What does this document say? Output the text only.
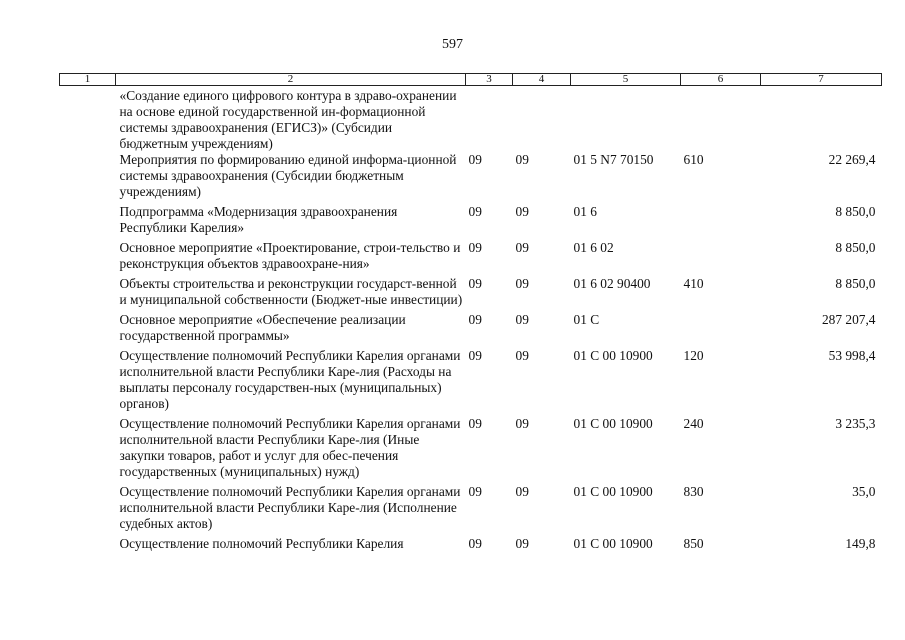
597
1	2	3	4	5	6	7
	«Создание единого цифрового контура в здраво-охранении на основе единой государственной ин-формационной системы здравоохранения (ЕГИСЗ)» (Субсидии бюджетным учреждениям)					
	Мероприятия по формированию единой информа-ционной системы здравоохранения (Субсидии бюджетным учреждениям)	09	09	01 5 N7 70150	610	22 269,4
	Подпрограмма «Модернизация здравоохранения Республики Карелия»	09	09	01 6		8 850,0
	Основное мероприятие «Проектирование, строи-тельство и реконструкция объектов здравоохране-ния»	09	09	01 6 02		8 850,0
	Объекты строительства и реконструкции государст-венной и муниципальной собственности (Бюджет-ные инвестиции)	09	09	01 6 02 90400	410	8 850,0
	Основное мероприятие «Обеспечение реализации государственной программы»	09	09	01 С		287 207,4
	Осуществление полномочий Республики Карелия органами исполнительной власти Республики Каре-лия (Расходы на выплаты персоналу государствен-ных (муниципальных) органов)	09	09	01 С 00 10900	120	53 998,4
	Осуществление полномочий Республики Карелия органами исполнительной власти Республики Каре-лия (Иные закупки товаров, работ и услуг для обес-печения государственных (муниципальных) нужд)	09	09	01 С 00 10900	240	3 235,3
	Осуществление полномочий Республики Карелия органами исполнительной власти Республики Каре-лия (Исполнение судебных актов)	09	09	01 С 00 10900	830	35,0
	Осуществление полномочий Республики Карелия	09	09	01 С 00 10900	850	149,8
